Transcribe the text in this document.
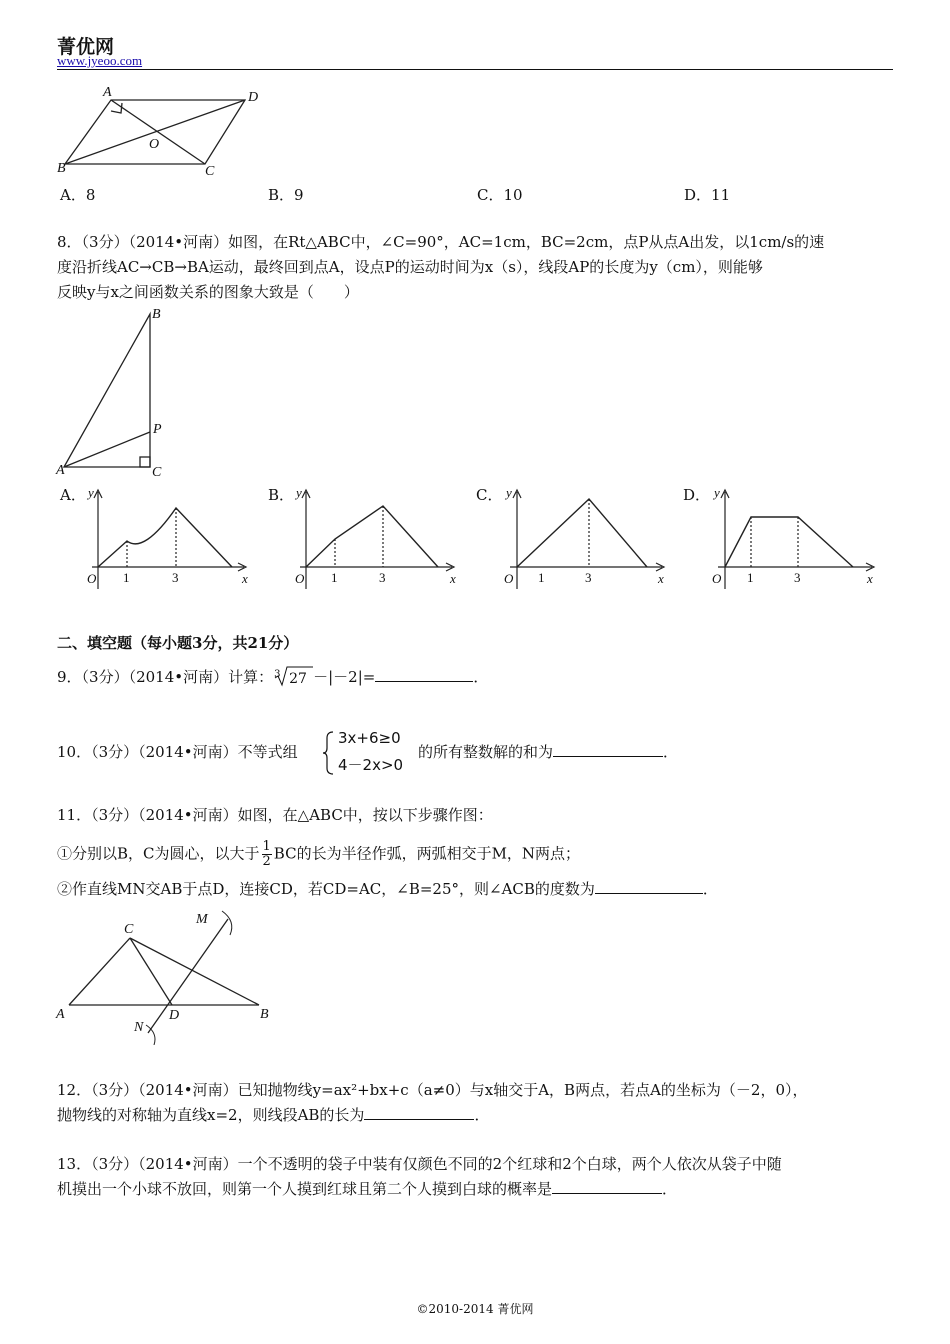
菁优网
www.jyeoo.com
A	D
O
B	C
A．8	B．9	C．10	D．11
8．（3分）（2014•河南）如图，在Rt△ABC中，∠C=90°，AC=1cm，BC=2cm，点P从点A出发，以1cm/s的速
度沿折线AC→CB→BA运动，最终回到点A，设点P的运动时间为x（s），线段AP的长度为y（cm），则能够
反映y与x之间函数关系的图象大致是（　　）
B
P
A	C
A．	B．	C．	D．
y
x
O 1	3
y
x
O 1	3
y
x
O 1	3
y
x
O 1	3
二、填空题（每小题3分，共21分）
9．（3分）（2014•河南）计算： 3 27 －|－2|=	．
10．（3分）（2014•河南）不等式组
3x+6≥0
4－2x>0
的所有整数解的和为	．
11．（3分）（2014•河南）如图，在△ABC中，按以下步骤作图：
①分别以B，C为圆心，以大于 $\frac{1}{2}$ BC的长为半径作弧，两弧相交于M，N两点；
②作直线MN交AB于点D，连接CD，若CD=AC，∠B=25°，则∠ACB的度数为	．
C
M
A	D	B
N
12．（3分）（2014•河南）已知抛物线y=ax²+bx+c（a≠0）与x轴交于A，B两点，若点A的坐标为（－2，0），
抛物线的对称轴为直线x=2，则线段AB的长为	．
13．（3分）（2014•河南）一个不透明的袋子中装有仅颜色不同的2个红球和2个白球，两个人依次从袋子中随
机摸出一个小球不放回，则第一个人摸到红球且第二个人摸到白球的概率是	．
©2010-2014 菁优网
